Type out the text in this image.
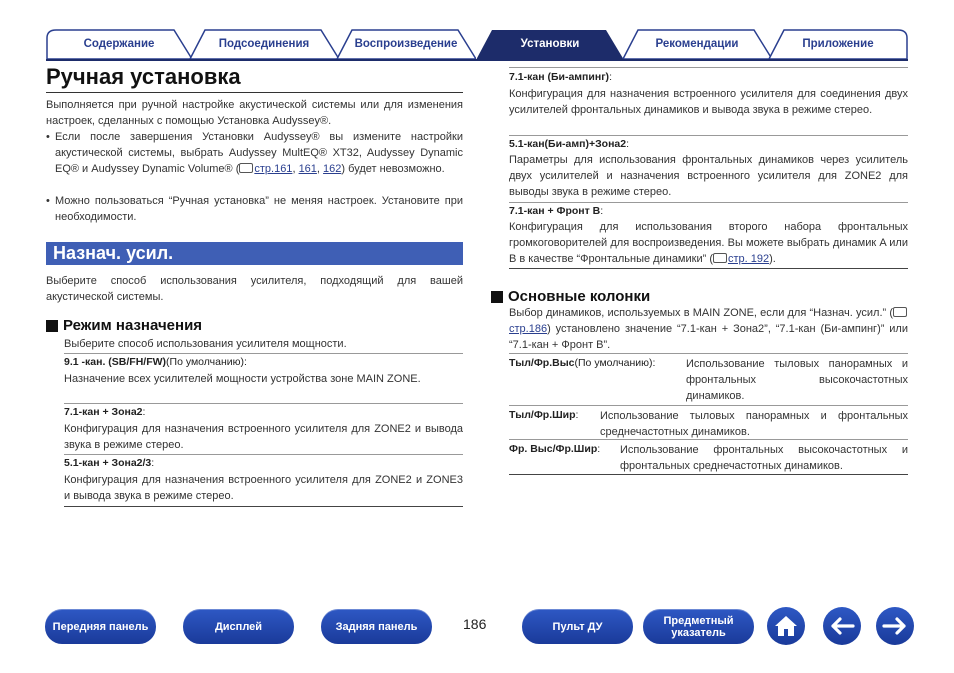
Содержание	Подсоединения	Воспроизведение	Установки	Рекомендации	Приложение
Ручная установка
Выполняется при ручной настройке акустической системы или для изменения настроек, сделанных с помощью Установка Audyssey®.
• Если после завершения Установки Audyssey® вы измените настройки акустической системы, выбрать Audyssey MultEQ® XT32, Audyssey Dynamic EQ® и Audyssey Dynamic Volume® ( стр.161, 161, 162) будет невозможно.
• Можно пользоваться “Ручная установка” не меняя настроек. Установите при необходимости.
Назнач. усил.
Выберите способ использования усилителя, подходящий для вашей акустической системы.
Режим назначения
Выберите способ использования усилителя мощности.
9.1 -кан. (SB/FH/FW)(По умолчанию):
Назначение всех усилителей мощности устройства зоне MAIN ZONE.
7.1-кан + Зона2:
Конфигурация для назначения встроенного усилителя для ZONE2 и вывода звука в режиме стерео.
5.1-кан + Зона2/3:
Конфигурация для назначения встроенного усилителя для ZONE2 и ZONE3 и вывода звука в режиме стерео.
7.1-кан (Би-ампинг):
Конфигурация для назначения встроенного усилителя для соединения двух усилителей фронтальных динамиков и вывода звука в режиме стерео.
5.1-кан(Би-амп)+Зона2:
Параметры для использования фронтальных динамиков через усилитель двух усилителей и назначения встроенного усилителя для ZONE2 для выводы звука в режиме стерео.
7.1-кан + Фронт B:
Конфигурация для использования второго набора фронтальных громкоговорителей для воспроизведения. Вы можете выбрать динамик A или B в качестве “Фронтальные динамики” ( стр. 192).
Основные колонки
Выбор динамиков, используемых в MAIN ZONE, если для “Назнач. усил.” (стр.186) установлено значение “7.1-кан + Зона2”, “7.1-кан (Би-ампинг)” или “7.1-кан + Фронт B”.
Тыл/Фр.Выс(По умолчанию):	Использование тыловых панорамных и фронтальных высокочастотных динамиков.
Тыл/Фр.Шир: Использование тыловых панорамных и фронтальных среднечастотных динамиков.
Фр. Выс/Фр.Шир: Использование фронтальных высокочастотных и фронтальных среднечастотных динамиков.
Передняя панель	Дисплей	Задняя панель	186	Пульт ДУ	Предметный указатель
